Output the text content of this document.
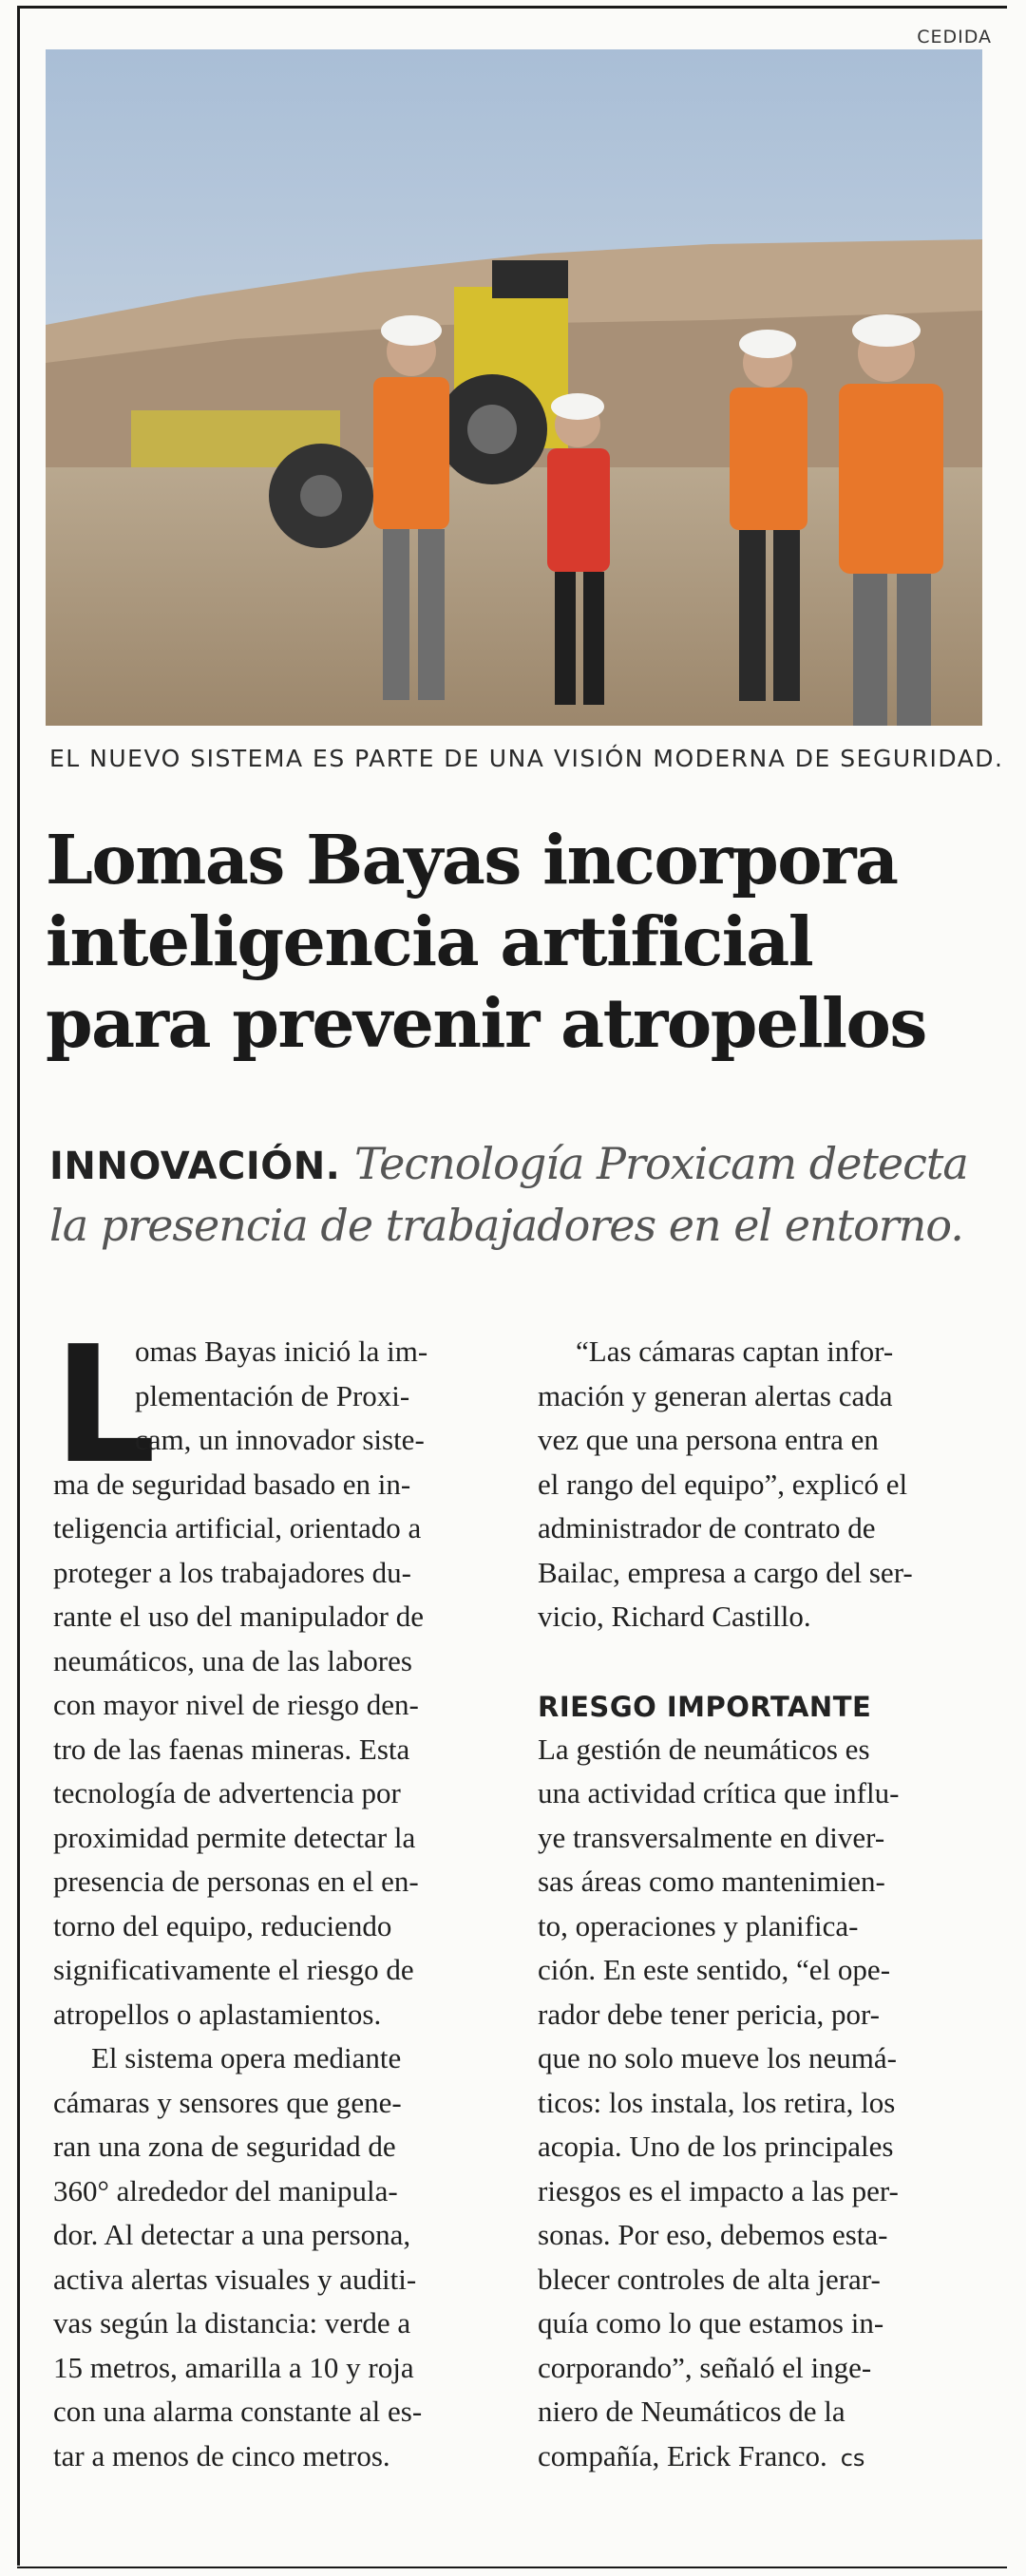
CEDIDA
EL NUEVO SISTEMA ES PARTE DE UNA VISIÓN MODERNA DE SEGURIDAD.
Lomas Bayas incorpora
inteligencia artificial
para prevenir atropellos
INNOVACIÓN. Tecnología Proxicam detecta
la presencia de trabajadores en el entorno.
L
omas Bayas inició la im-
plementación de Proxi-
cam, un innovador siste-
ma de seguridad basado en in-
teligencia artificial, orientado a
proteger a los trabajadores du-
rante el uso del manipulador de
neumáticos, una de las labores
con mayor nivel de riesgo den-
tro de las faenas mineras. Esta
tecnología de advertencia por
proximidad permite detectar la
presencia de personas en el en-
torno del equipo, reduciendo
significativamente el riesgo de
atropellos o aplastamientos.
El sistema opera mediante
cámaras y sensores que gene-
ran una zona de seguridad de
360° alrededor del manipula-
dor. Al detectar a una persona,
activa alertas visuales y auditi-
vas según la distancia: verde a
15 metros, amarilla a 10 y roja
con una alarma constante al es-
tar a menos de cinco metros.
“Las cámaras captan infor-
mación y generan alertas cada
vez que una persona entra en
el rango del equipo”, explicó el
administrador de contrato de
Bailac, empresa a cargo del ser-
vicio, Richard Castillo.
RIESGO IMPORTANTE
La gestión de neumáticos es
una actividad crítica que influ-
ye transversalmente en diver-
sas áreas como mantenimien-
to, operaciones y planifica-
ción. En este sentido, “el ope-
rador debe tener pericia, por-
que no solo mueve los neumá-
ticos: los instala, los retira, los
acopia. Uno de los principales
riesgos es el impacto a las per-
sonas. Por eso, debemos esta-
blecer controles de alta jerar-
quía como lo que estamos in-
corporando”, señaló el inge-
niero de Neumáticos de la
compañía, Erick Franco. cs
